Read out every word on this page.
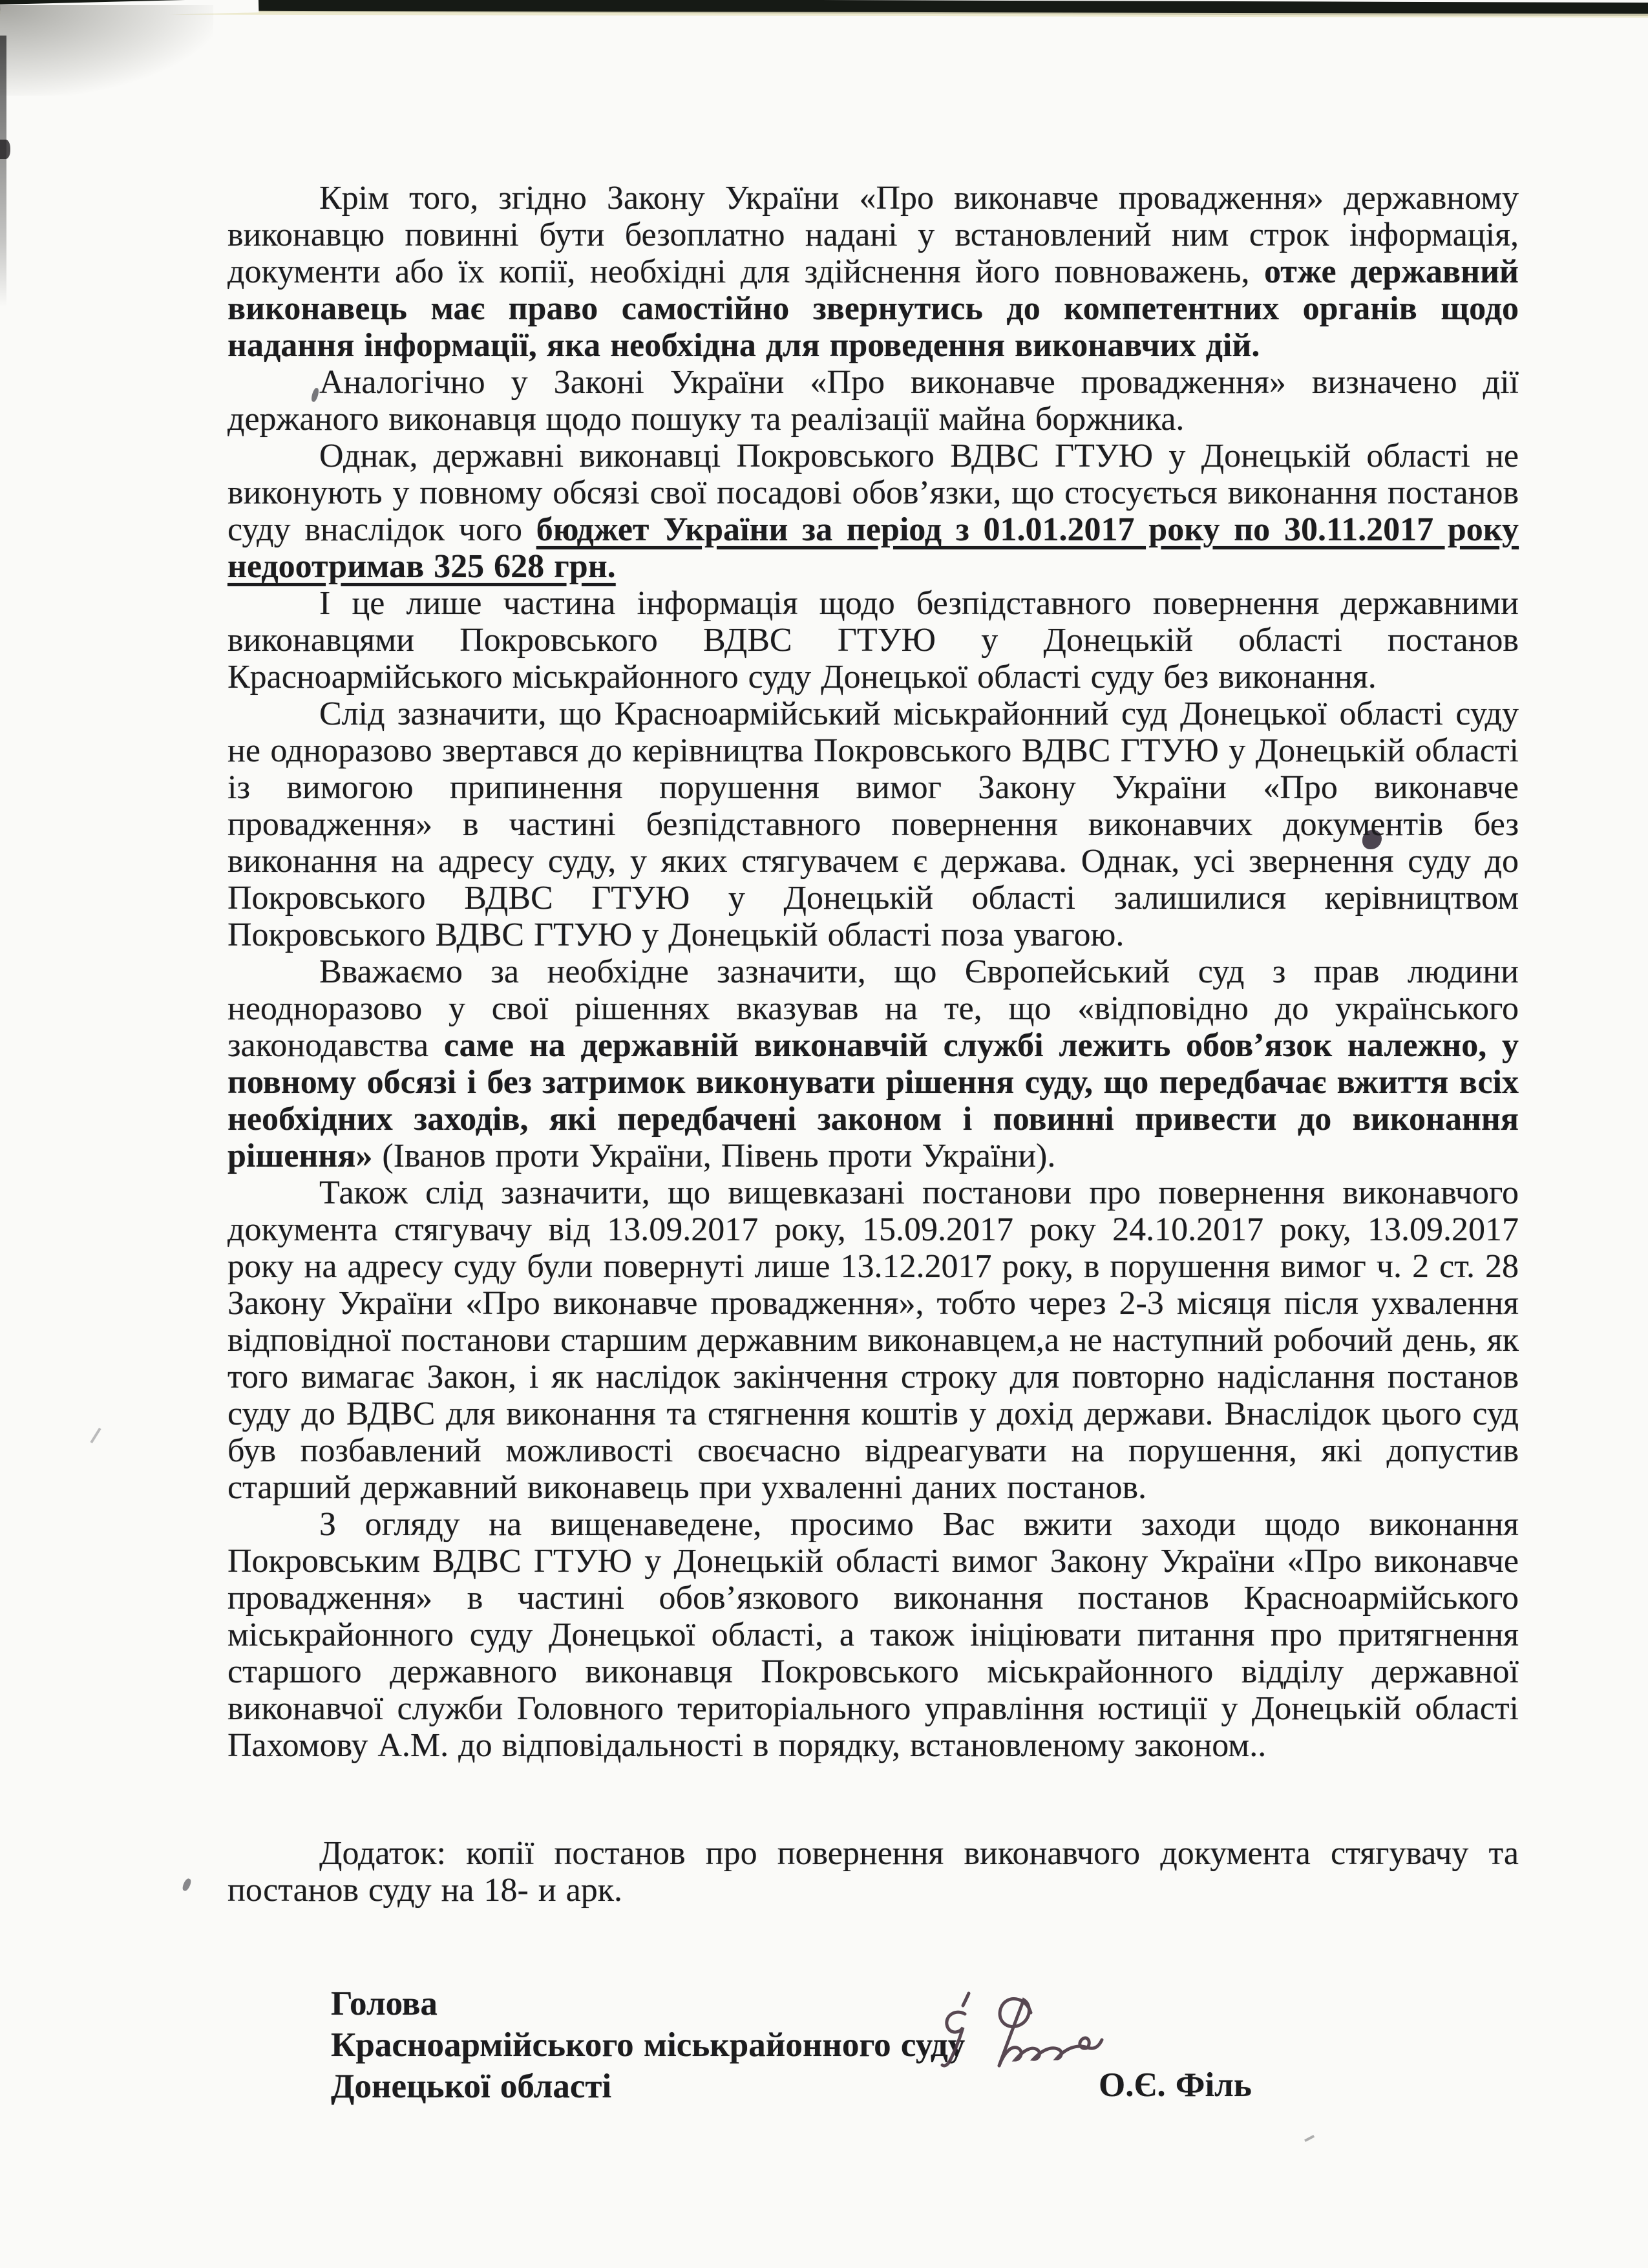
Крім того, згідно Закону України «Про виконавче провадження» державному виконавцю повинні бути безоплатно надані у встановлений ним строк інформація, документи або їх копії, необхідні для здійснення його повноважень, отже державний виконавець має право самостійно звернутись до компетентних органів щодо надання інформації, яка необхідна для проведення виконавчих дій.

Аналогічно у Законі України «Про виконавче провадження» визначено дії держаного виконавця щодо пошуку та реалізації майна боржника.

Однак, державні виконавці Покровського ВДВС ГТУЮ у Донецькій області не виконують у повному обсязі свої посадові обов’язки, що стосується виконання постанов суду внаслідок чого бюджет України за період з 01.01.2017 року по 30.11.2017 року недоотримав 325 628 грн.

І це лише частина інформація щодо безпідставного повернення державними виконавцями Покровського ВДВС ГТУЮ у Донецькій області постанов Красноармійського міськрайонного суду Донецької області суду без виконання.

Слід зазначити, що Красноармійський міськрайонний суд Донецької області суду не одноразово звертався до керівництва Покровського ВДВС ГТУЮ у Донецькій області із вимогою припинення порушення вимог Закону України «Про виконавче провадження» в частині безпідставного повернення виконавчих документів без виконання на адресу суду, у яких стягувачем є держава. Однак, усі звернення суду до Покровського ВДВС ГТУЮ у Донецькій області залишилися керівництвом Покровського ВДВС ГТУЮ у Донецькій області поза увагою.

Вважаємо за необхідне зазначити, що Європейський суд з прав людини неодноразово у свої рішеннях вказував на те, що «відповідно до українського законодавства саме на державній виконавчій службі лежить обов’язок належно, у повному обсязі і без затримок виконувати рішення суду, що передбачає вжиття всіх необхідних заходів, які передбачені законом і повинні привести до виконання рішення» (Іванов проти України, Півень проти України).

Також слід зазначити, що вищевказані постанови про повернення виконавчого документа стягувачу від 13.09.2017 року, 15.09.2017 року 24.10.2017 року, 13.09.2017 року на адресу суду були повернуті лише 13.12.2017 року, в порушення вимог ч. 2 ст. 28 Закону України «Про виконавче провадження», тобто через 2-3 місяця після ухвалення відповідної постанови старшим державним виконавцем,а не наступний робочий день, як того вимагає Закон, і як наслідок закінчення строку для повторно надіслання постанов суду до ВДВС для виконання та стягнення коштів у дохід держави. Внаслідок цього суд був позбавлений можливості своєчасно відреагувати на порушення, які допустив старший державний виконавець при ухваленні даних постанов.

З огляду на вищенаведене, просимо Вас вжити заходи щодо виконання Покровським ВДВС ГТУЮ у Донецькій області вимог Закону України «Про виконавче провадження» в частині обов’язкового виконання постанов Красноармійського міськрайонного суду Донецької області, а також ініціювати питання про притягнення старшого державного виконавця Покровського міськрайонного відділу державної виконавчої служби Головного територіального управління юстиції у Донецькій області Пахомову А.М. до відповідальності в порядку, встановленому законом..

Додаток: копії постанов про повернення виконавчого документа стягувачу та постанов суду на 18- и арк.

Голова
Красноармійського міськрайонного суду
Донецької області	О.Є. Філь
